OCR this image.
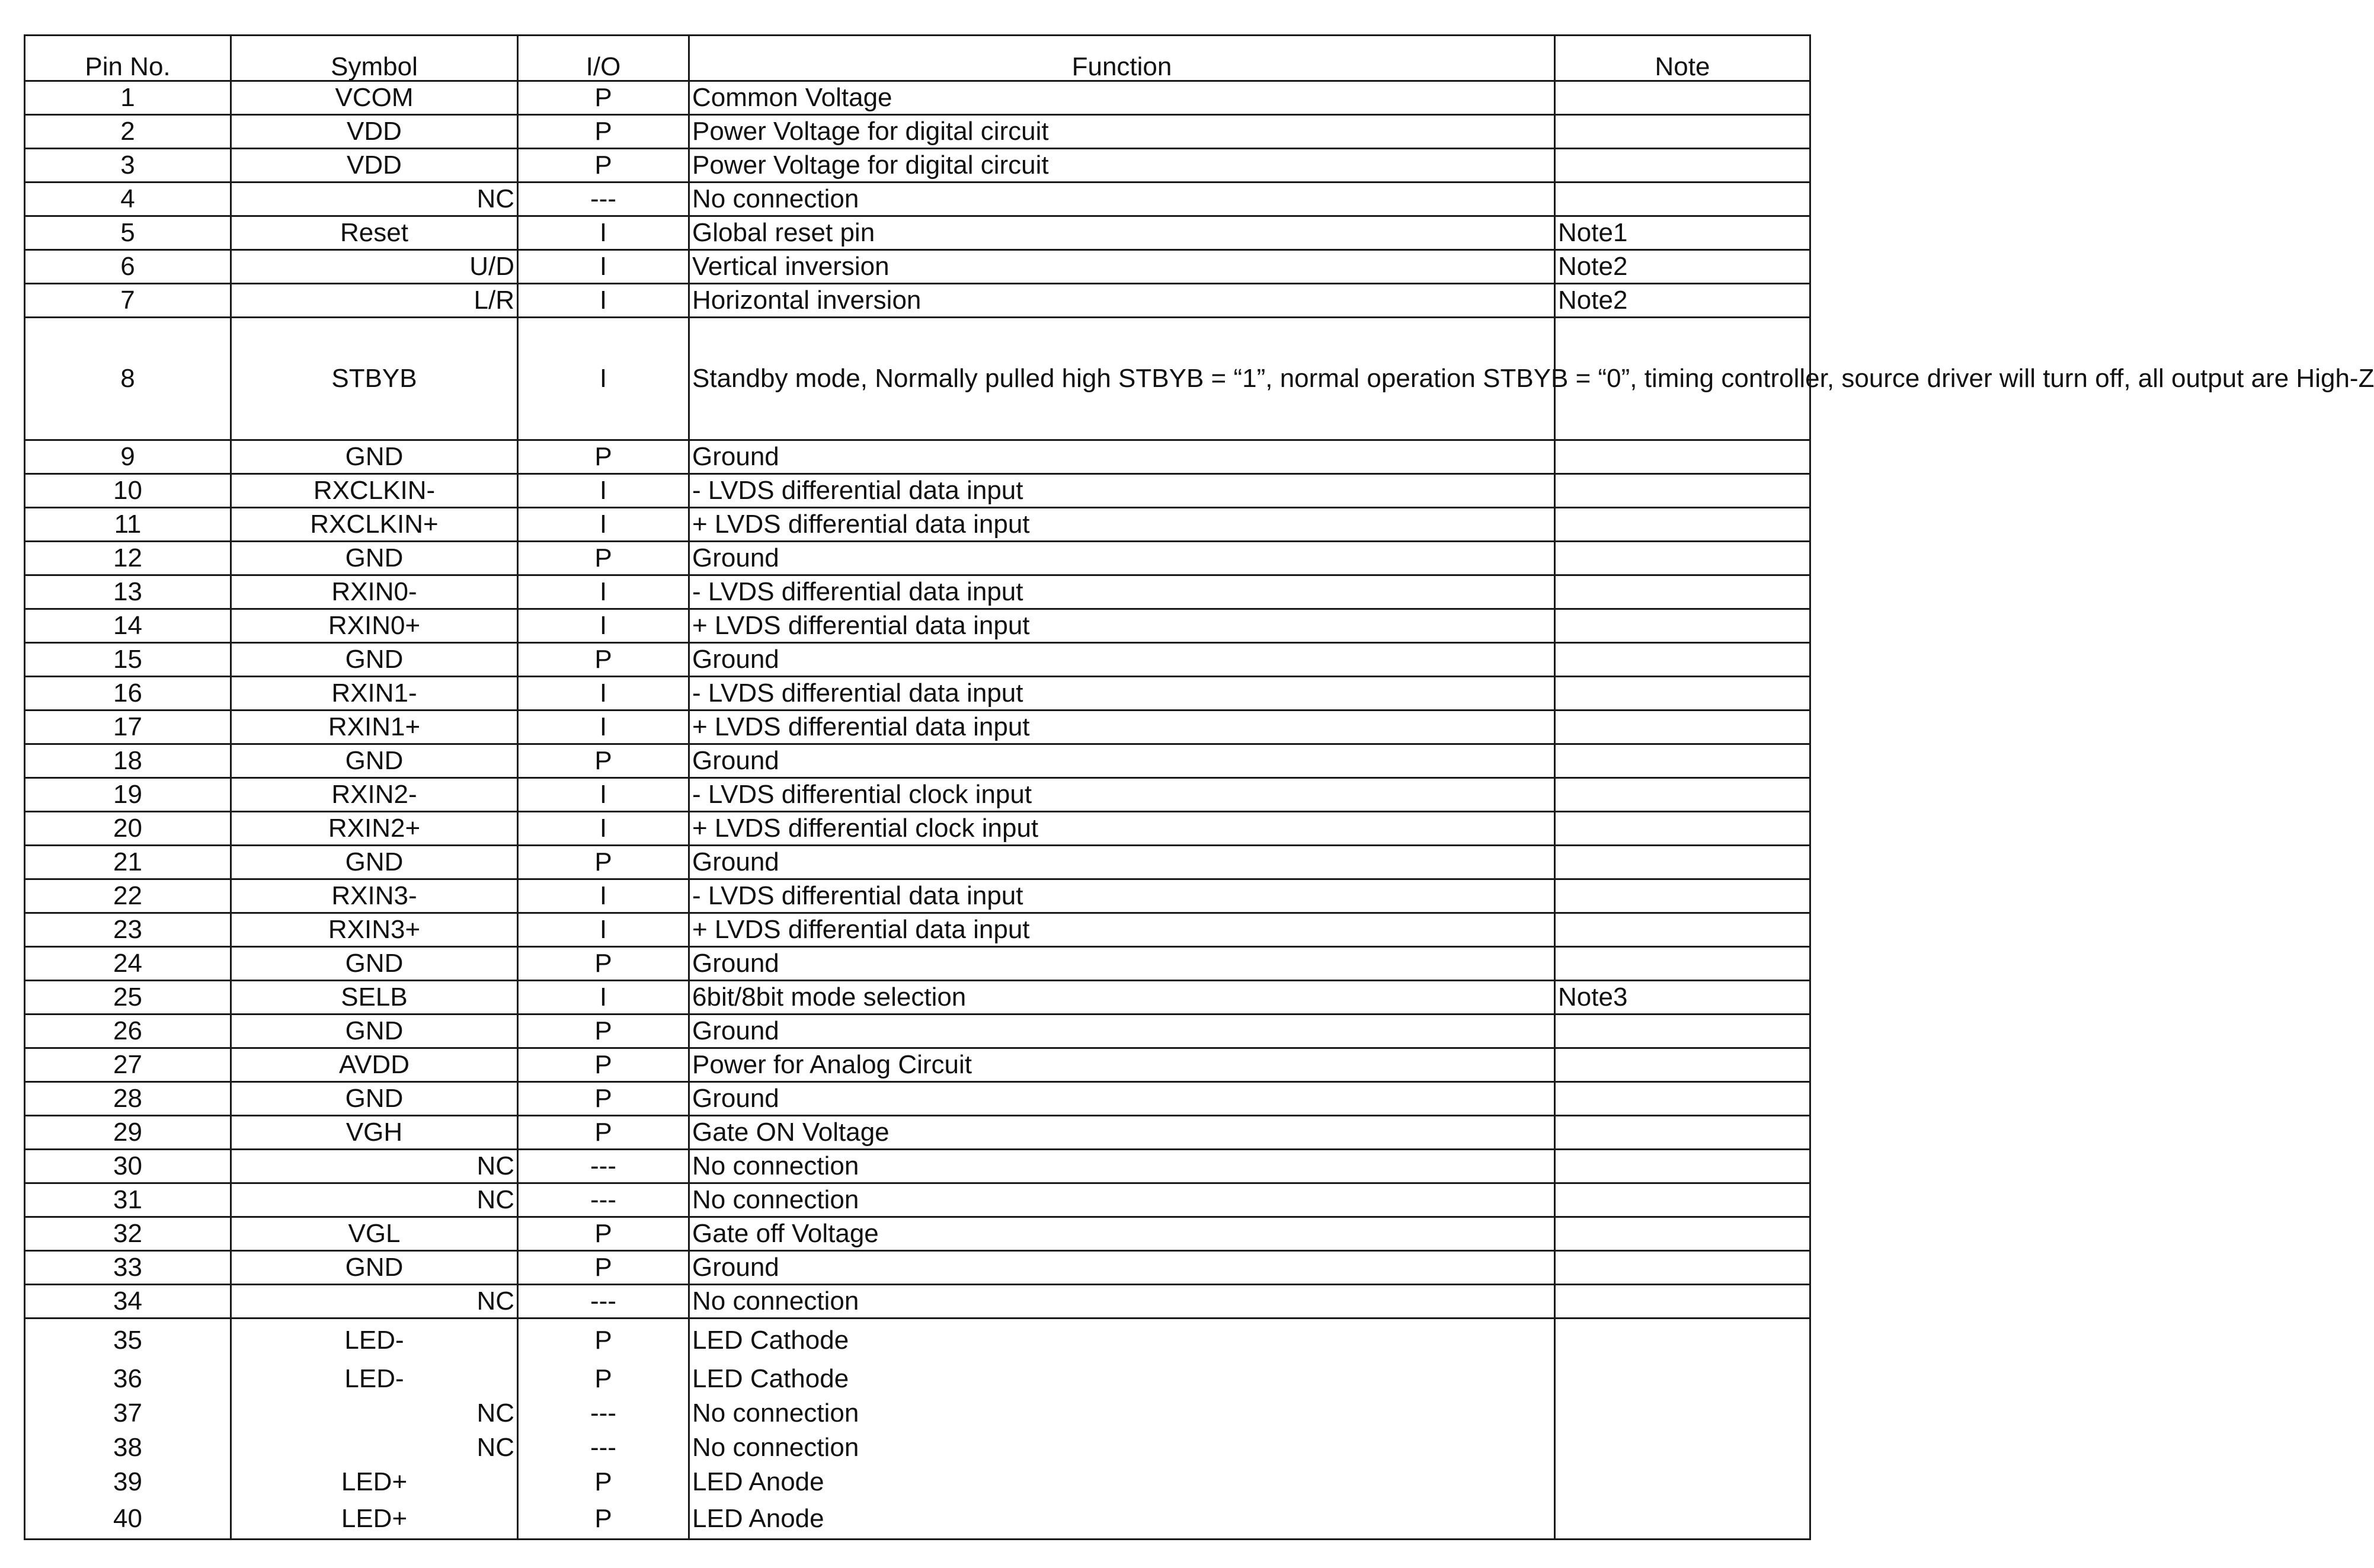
Pin No.	Symbol	I/O	Function	Note
1	VCOM	P	Common Voltage	
2	VDD	P	Power Voltage for digital circuit	
3	VDD	P	Power Voltage for digital circuit	
4	NC	---	No connection	
5	Reset	I	Global reset pin	Note1
6	U/D	I	Vertical inversion	Note2
7	L/R	I	Horizontal inversion	Note2
8	STBYB	I	Standby mode, Normally pulled high STBYB = “1”, normal operation STBYB = “0”, timing controller, source driver will turn off, all output are High-Z	
9	GND	P	Ground	
10	RXCLKIN-	I	- LVDS differential data input	
11	RXCLKIN+	I	+ LVDS differential data input	
12	GND	P	Ground	
13	RXIN0-	I	- LVDS differential data input	
14	RXIN0+	I	+ LVDS differential data input	
15	GND	P	Ground	
16	RXIN1-	I	- LVDS differential data input	
17	RXIN1+	I	+ LVDS differential data input	
18	GND	P	Ground	
19	RXIN2-	I	- LVDS differential clock input	
20	RXIN2+	I	+ LVDS differential clock input	
21	GND	P	Ground	
22	RXIN3-	I	- LVDS differential data input	
23	RXIN3+	I	+ LVDS differential data input	
24	GND	P	Ground	
25	SELB	I	6bit/8bit mode selection	Note3
26	GND	P	Ground	
27	AVDD	P	Power for Analog Circuit	
28	GND	P	Ground	
29	VGH	P	Gate ON Voltage	
30	NC	---	No connection	
31	NC	---	No connection	
32	VGL	P	Gate off Voltage	
33	GND	P	Ground	
34	NC	---	No connection	
35	LED-	P	LED Cathode	
36	LED-	P	LED Cathode	
37	NC	---	No connection	
38	NC	---	No connection	
39	LED+	P	LED Anode	
40	LED+	P	LED Anode	
